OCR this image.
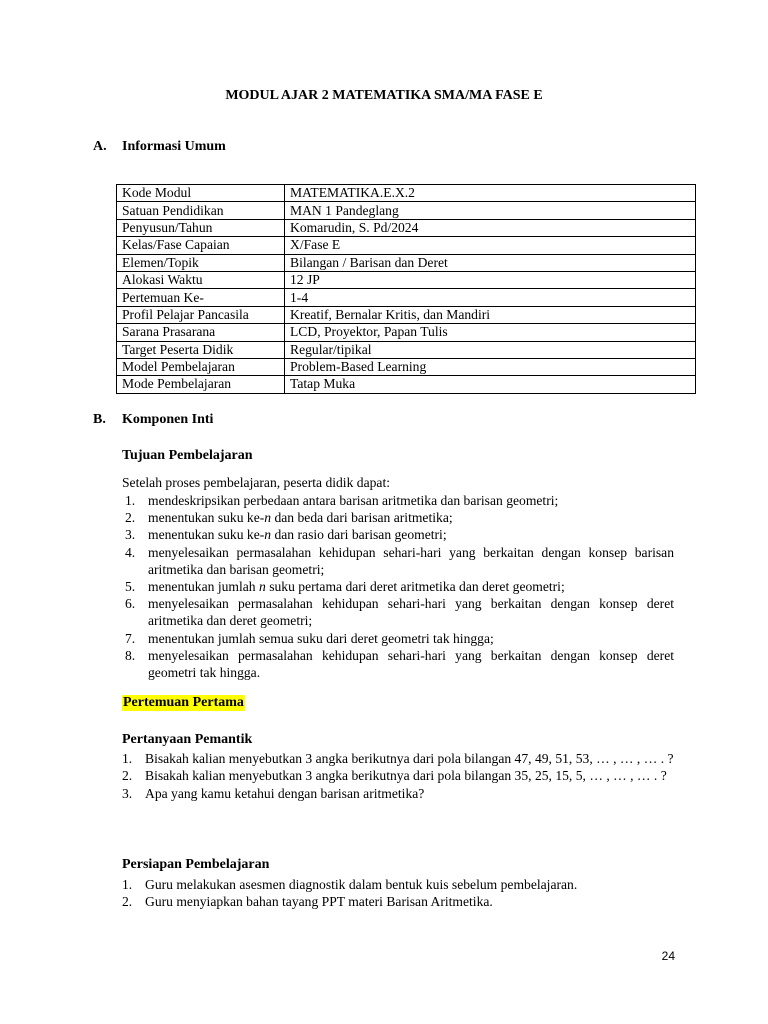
MODUL AJAR 2 MATEMATIKA SMA/MA FASE E
A. Informasi Umum
Kode Modul	MATEMATIKA.E.X.2
Satuan Pendidikan	MAN 1 Pandeglang
Penyusun/Tahun	Komarudin, S. Pd/2024
Kelas/Fase Capaian	X/Fase E
Elemen/Topik	Bilangan / Barisan dan Deret
Alokasi Waktu	12 JP
Pertemuan Ke-	1-4
Profil Pelajar Pancasila	Kreatif, Bernalar Kritis, dan Mandiri
Sarana Prasarana	LCD, Proyektor, Papan Tulis
Target Peserta Didik	Regular/tipikal
Model Pembelajaran	Problem-Based Learning
Mode Pembelajaran	Tatap Muka
B. Komponen Inti
Tujuan Pembelajaran
Setelah proses pembelajaran, peserta didik dapat:
1. mendeskripsikan perbedaan antara barisan aritmetika dan barisan geometri;
2. menentukan suku ke-n dan beda dari barisan aritmetika;
3. menentukan suku ke-n dan rasio dari barisan geometri;
4. menyelesaikan permasalahan kehidupan sehari-hari yang berkaitan dengan konsep barisan aritmetika dan barisan geometri;
5. menentukan jumlah n suku pertama dari deret aritmetika dan deret geometri;
6. menyelesaikan permasalahan kehidupan sehari-hari yang berkaitan dengan konsep deret aritmetika dan deret geometri;
7. menentukan jumlah semua suku dari deret geometri tak hingga;
8. menyelesaikan permasalahan kehidupan sehari-hari yang berkaitan dengan konsep deret geometri tak hingga.
Pertemuan Pertama
Pertanyaan Pemantik
1. Bisakah kalian menyebutkan 3 angka berikutnya dari pola bilangan 47, 49, 51, 53, … , … , … . ?
2. Bisakah kalian menyebutkan 3 angka berikutnya dari pola bilangan 35, 25, 15, 5, … , … , … . ?
3. Apa yang kamu ketahui dengan barisan aritmetika?
Persiapan Pembelajaran
1. Guru melakukan asesmen diagnostik dalam bentuk kuis sebelum pembelajaran.
2. Guru menyiapkan bahan tayang PPT materi Barisan Aritmetika.
24
